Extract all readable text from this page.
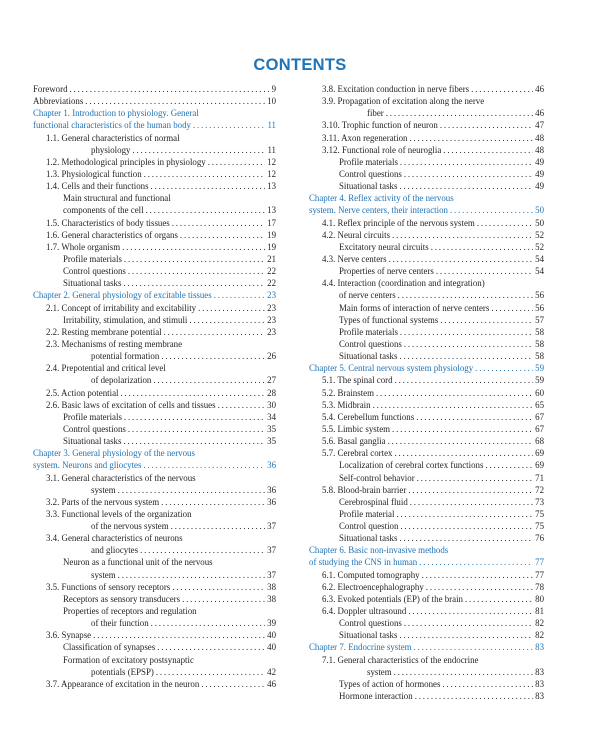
CONTENTS
Foreword . . .	9
Abbreviations . . .	10
Chapter 1. Introduction to physiology. General
functional characteristics of the human body . . .	11
1.1. General characteristics of normal
physiology . . .	11
1.2. Methodological principles in physiology . . .	12
1.3. Physiological function . . .	12
1.4. Cells and their functions . . .	13
Main structural and functional
components of the cell . . .	13
1.5. Characteristics of body tissues . . .	17
1.6. General characteristics of organs . . .	19
1.7. Whole organism . . .	19
Profile materials . . .	21
Control questions . . .	22
Situational tasks . . .	22
Chapter 2. General physiology of excitable tissues . . .	23
2.1. Concept of irritability and excitability . . .	23
Irritability, stimulation, and stimuli . . .	23
2.2. Resting membrane potential . . .	23
2.3. Mechanisms of resting membrane
potential formation . . .	26
2.4. Prepotential and critical level
of depolarization . . .	27
2.5. Action potential . . .	28
2.6. Basic laws of excitation of cells and tissues . . .	30
Profile materials . . .	34
Control questions . . .	35
Situational tasks . . .	35
Chapter 3. General physiology of the nervous
system. Neurons and gliocytes . . .	36
3.1. General characteristics of the nervous
system . . .	36
3.2. Parts of the nervous system . . .	36
3.3. Functional levels of the organization
of the nervous system . . .	37
3.4. General characteristics of neurons
and gliocytes . . .	37
Neuron as a functional unit of the nervous
system . . .	37
3.5. Functions of sensory receptors . . .	38
Receptors as sensory transducers . . .	38
Properties of receptors and regulation
of their function . . .	39
3.6. Synapse . . .	40
Classification of synapses . . .	40
Formation of excitatory postsynaptic
potentials (EPSP) . . .	42
3.7. Appearance of excitation in the neuron . . .	46
3.8. Excitation conduction in nerve fibers . . .	46
3.9. Propagation of excitation along the nerve
fiber . . .	46
3.10. Trophic function of neuron . . .	47
3.11. Axon regeneration . . .	48
3.12. Functional role of neuroglia . . .	48
Profile materials . . .	49
Control questions . . .	49
Situational tasks . . .	49
Chapter 4. Reflex activity of the nervous
system. Nerve centers, their interaction . . .	50
4.1. Reflex principle of the nervous system . . .	50
4.2. Neural circuits . . .	52
Excitatory neural circuits . . .	52
4.3. Nerve centers . . .	54
Properties of nerve centers . . .	54
4.4. Interaction (coordination and integration)
of nerve centers . . .	56
Main forms of interaction of nerve centers . . .	56
Types of functional systems . . .	57
Profile materials . . .	58
Control questions . . .	58
Situational tasks . . .	58
Chapter 5. Central nervous system physiology . . .	59
5.1. The spinal cord . . .	59
5.2. Brainstem . . .	60
5.3. Midbrain . . .	65
5.4. Cerebellum functions . . .	67
5.5. Limbic system . . .	67
5.6. Basal ganglia . . .	68
5.7. Cerebral cortex . . .	69
Localization of cerebral cortex functions . . .	69
Self-control behavior . . .	71
5.8. Blood-brain barrier . . .	72
Cerebrospinal fluid . . .	73
Profile material . . .	75
Control question . . .	75
Situational tasks . . .	76
Chapter 6. Basic non-invasive methods
of studying the CNS in human . . .	77
6.1. Computed tomography . . .	77
6.2. Electroencephalography . . .	78
6.3. Evoked potentials (EP) of the brain . . .	80
6.4. Doppler ultrasound . . .	81
Control questions . . .	82
Situational tasks . . .	82
Chapter 7. Endocrine system . . .	83
7.1. General characteristics of the endocrine
system . . .	83
Types of action of hormones . . .	83
Hormone interaction . . .	83
